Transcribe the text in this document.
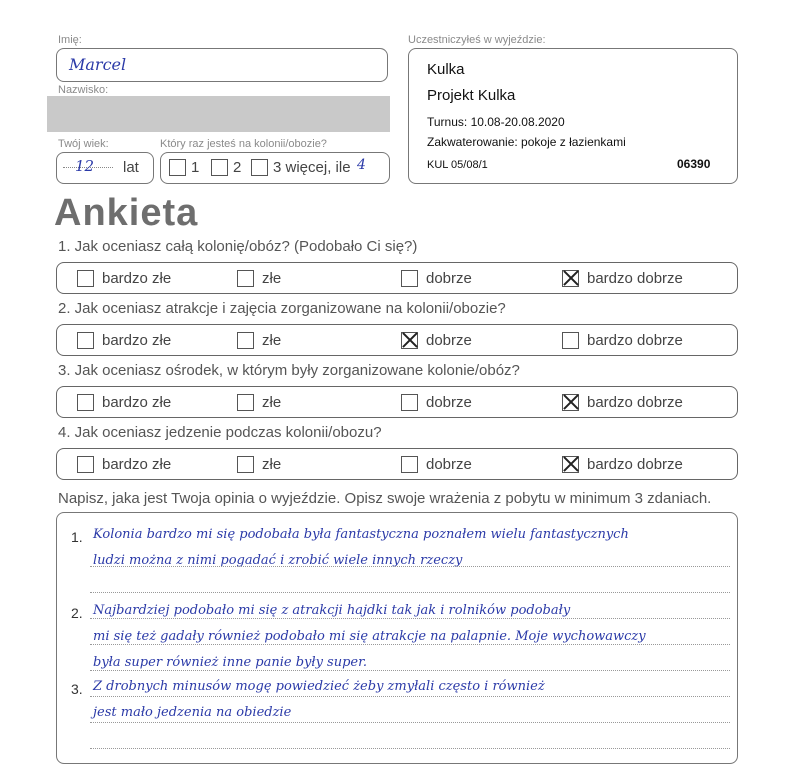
Imię:
Marcel
Nazwisko:
Twój wiek:
12 lat
Który raz jesteś na kolonii/obozie?
1 2 3 więcej, ile 4
Uczestniczyłeś w wyjeździe:
Kulka
Projekt Kulka
Turnus: 10.08-20.08.2020
Zakwaterowanie: pokoje z łazienkami
KUL 05/08/1	06390
Ankieta
1. Jak oceniasz całą kolonię/obóz? (Podobało Ci się?)
bardzo złe	złe	dobrze	bardzo dobrze
2. Jak oceniasz atrakcje i zajęcia zorganizowane na kolonii/obozie?
bardzo złe	złe	dobrze	bardzo dobrze
3. Jak oceniasz ośrodek, w którym były zorganizowane kolonie/obóz?
bardzo złe	złe	dobrze	bardzo dobrze
4. Jak oceniasz jedzenie podczas kolonii/obozu?
bardzo złe	złe	dobrze	bardzo dobrze
Napisz, jaka jest Twoja opinia o wyjeździe. Opisz swoje wrażenia z pobytu w minimum 3 zdaniach.
1. Kolonia bardzo mi się podobała była fantastyczna poznałem wielu fantastycznych
ludzi można z nimi pogadać i zrobić wiele innych rzeczy
2. Najbardziej podobało mi się z atrakcji hajdki tak jak i rolników podobały
mi się też gadały również podobało mi się atrakcje na palapnie. Moje wychowawczy
była super również inne panie były super.
3. Z drobnych minusów mogę powiedzieć żeby zmyłali często i również
jest mało jedzenia na obiedzie
